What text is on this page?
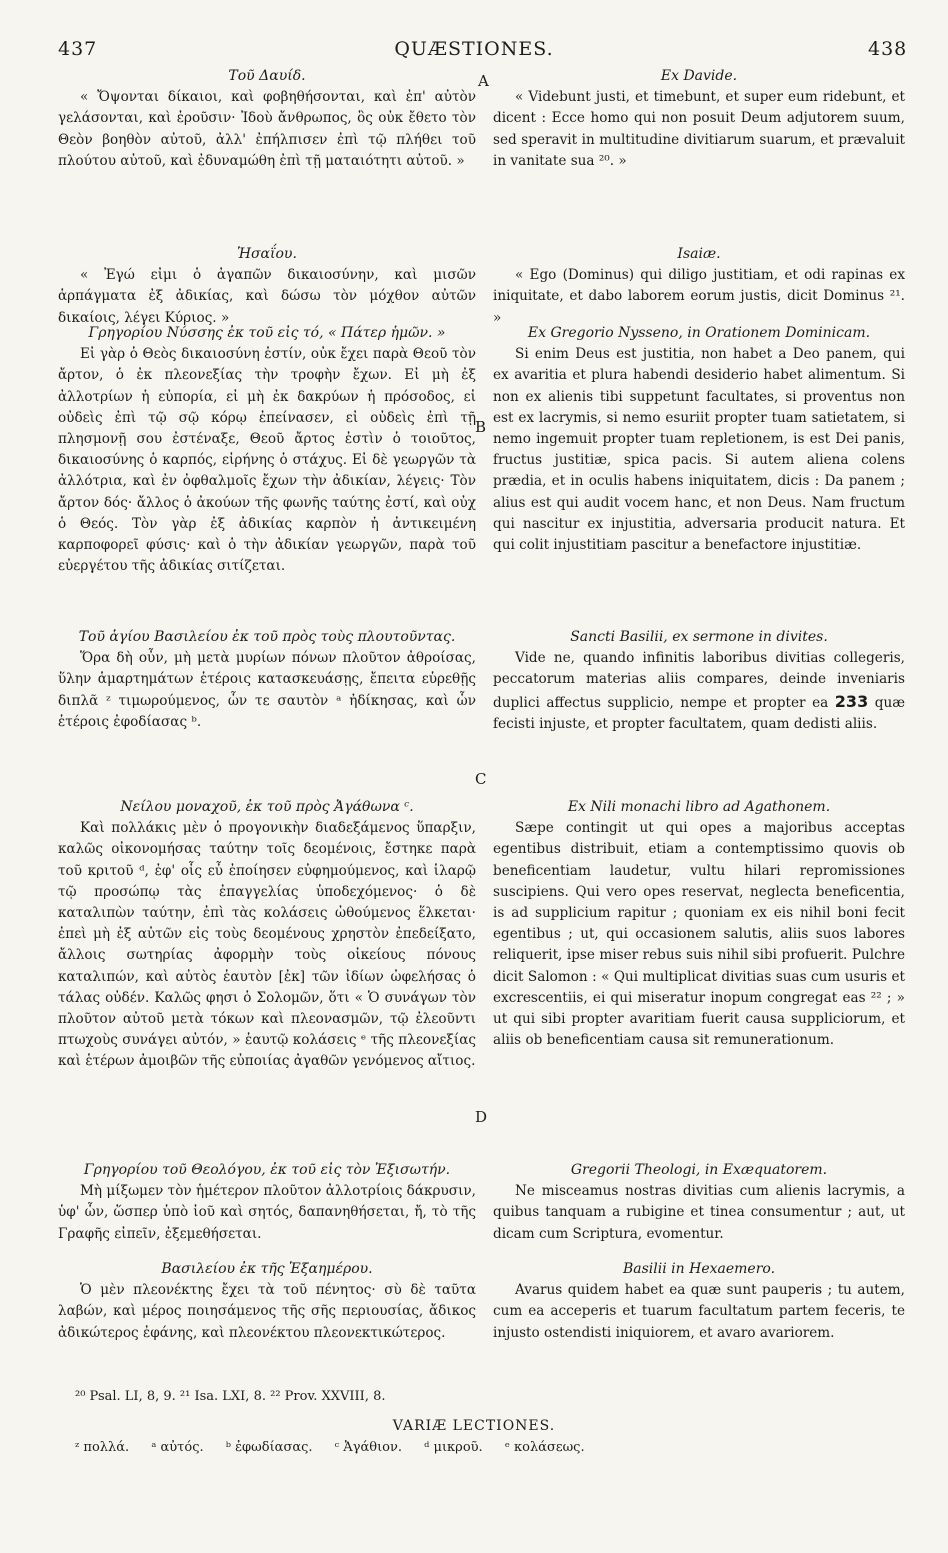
437	QUÆSTIONES.	438
A
B
C
D
Τοῦ Δαυίδ.
« Ὄψονται δίκαιοι, καὶ φοβηθήσονται, καὶ ἐπ' αὐτὸν γελάσονται, καὶ ἐροῦσιν· Ἰδοὺ ἄνθρωπος, ὃς οὐκ ἔθετο τὸν Θεὸν βοηθὸν αὐτοῦ, ἀλλ' ἐπήλπισεν ἐπὶ τῷ πλήθει τοῦ πλούτου αὐτοῦ, καὶ ἐδυναμώθη ἐπὶ τῇ ματαιότητι αὐτοῦ. »
Ἡσαΐου.
« Ἐγώ εἰμι ὁ ἀγαπῶν δικαιοσύνην, καὶ μισῶν ἁρπάγματα ἐξ ἀδικίας, καὶ δώσω τὸν μόχθον αὐτῶν δικαίοις, λέγει Κύριος. »
Γρηγορίου Νύσσης ἐκ τοῦ εἰς τό, « Πάτερ ἡμῶν. »
Εἰ γὰρ ὁ Θεὸς δικαιοσύνη ἐστίν, οὐκ ἔχει παρὰ Θεοῦ τὸν ἄρτον, ὁ ἐκ πλεονεξίας τὴν τροφὴν ἔχων. Εἰ μὴ ἐξ ἀλλοτρίων ἡ εὐπορία, εἰ μὴ ἐκ δακρύων ἡ πρόσοδος, εἰ οὐδεὶς ἐπὶ τῷ σῷ κόρῳ ἐπείνασεν, εἰ οὐδεὶς ἐπὶ τῇ πλησμονῇ σου ἐστέναξε, Θεοῦ ἄρτος ἐστὶν ὁ τοιοῦτος, δικαιοσύνης ὁ καρπός, εἰρήνης ὁ στάχυς. Εἰ δὲ γεωργῶν τὰ ἀλλότρια, καὶ ἐν ὀφθαλμοῖς ἔχων τὴν ἀδικίαν, λέγεις· Τὸν ἄρτον δός· ἄλλος ὁ ἀκούων τῆς φωνῆς ταύτης ἐστί, καὶ οὐχ ὁ Θεός. Τὸν γὰρ ἐξ ἀδικίας καρπὸν ἡ ἀντικειμένη καρποφορεῖ φύσις· καὶ ὁ τὴν ἀδικίαν γεωργῶν, παρὰ τοῦ εὐεργέτου τῆς ἀδικίας σιτίζεται.
Τοῦ ἁγίου Βασιλείου ἐκ τοῦ πρὸς τοὺς πλουτοῦντας.
Ὅρα δὴ οὖν, μὴ μετὰ μυρίων πόνων πλοῦτον ἀθροίσας, ὕλην ἁμαρτημάτων ἑτέροις κατασκευάσῃς, ἔπειτα εὑρεθῇς διπλᾶ ᶻ τιμωρούμενος, ὧν τε σαυτὸν ᵃ ἠδίκησας, καὶ ὧν ἑτέροις ἐφοδίασας ᵇ.
Νείλου μοναχοῦ, ἐκ τοῦ πρὸς Ἀγάθωνα ᶜ.
Καὶ πολλάκις μὲν ὁ προγονικὴν διαδεξάμενος ὕπαρξιν, καλῶς οἰκονομήσας ταύτην τοῖς δεομένοις, ἔστηκε παρὰ τοῦ κριτοῦ ᵈ, ἐφ' οἷς εὖ ἐποίησεν εὐφημούμενος, καὶ ἱλαρῷ τῷ προσώπῳ τὰς ἐπαγγελίας ὑποδεχόμενος· ὁ δὲ καταλιπὼν ταύτην, ἐπὶ τὰς κολάσεις ὠθούμενος ἕλκεται· ἐπεὶ μὴ ἐξ αὐτῶν εἰς τοὺς δεομένους χρηστὸν ἐπεδείξατο, ἄλλοις σωτηρίας ἀφορμὴν τοὺς οἰκείους πόνους καταλιπών, καὶ αὐτὸς ἑαυτὸν [ἐκ] τῶν ἰδίων ὠφελήσας ὁ τάλας οὐδέν. Καλῶς φησι ὁ Σολομῶν, ὅτι « Ὁ συνάγων τὸν πλοῦτον αὐτοῦ μετὰ τόκων καὶ πλεονασμῶν, τῷ ἐλεοῦντι πτωχοὺς συνάγει αὐτόν, » ἑαυτῷ κολάσεις ᵉ τῆς πλεονεξίας καὶ ἑτέρων ἀμοιβῶν τῆς εὐποιίας ἀγαθῶν γενόμενος αἴτιος.
Γρηγορίου τοῦ Θεολόγου, ἐκ τοῦ εἰς τὸν Ἐξισωτήν.
Μὴ μίξωμεν τὸν ἡμέτερον πλοῦτον ἀλλοτρίοις δάκρυσιν, ὑφ' ὧν, ὥσπερ ὑπὸ ἰοῦ καὶ σητός, δαπανηθήσεται, ἤ, τὸ τῆς Γραφῆς εἰπεῖν, ἐξεμεθήσεται.
Βασιλείου ἐκ τῆς Ἑξαημέρου.
Ὁ μὲν πλεονέκτης ἔχει τὰ τοῦ πένητος· σὺ δὲ ταῦτα λαβών, καὶ μέρος ποιησάμενος τῆς σῆς περιουσίας, ἄδικος ἀδικώτερος ἐφάνης, καὶ πλεονέκτου πλεονεκτικώτερος.
Ex Davide.
« Videbunt justi, et timebunt, et super eum ridebunt, et dicent : Ecce homo qui non posuit Deum adjutorem suum, sed speravit in multitudine divitiarum suarum, et prævaluit in vanitate sua ²⁰. »
Isaiæ.
« Ego (Dominus) qui diligo justitiam, et odi rapinas ex iniquitate, et dabo laborem eorum justis, dicit Dominus ²¹. »
Ex Gregorio Nysseno, in Orationem Dominicam.
Si enim Deus est justitia, non habet a Deo panem, qui ex avaritia et plura habendi desiderio habet alimentum. Si non ex alienis tibi suppetunt facultates, si proventus non est ex lacrymis, si nemo esuriit propter tuam satietatem, si nemo ingemuit propter tuam repletionem, is est Dei panis, fructus justitiæ, spica pacis. Si autem aliena colens prædia, et in oculis habens iniquitatem, dicis : Da panem ; alius est qui audit vocem hanc, et non Deus. Nam fructum qui nascitur ex injustitia, adversaria producit natura. Et qui colit injustitiam pascitur a benefactore injustitiæ.
Sancti Basilii, ex sermone in divites.
Vide ne, quando infinitis laboribus divitias collegeris, peccatorum materias aliis compares, deinde inveniaris duplici affectus supplicio, nempe et propter ea 233 quæ fecisti injuste, et propter facultatem, quam dedisti aliis.
Ex Nili monachi libro ad Agathonem.
Sæpe contingit ut qui opes a majoribus acceptas egentibus distribuit, etiam a contemptissimo quovis ob beneficentiam laudetur, vultu hilari repromissiones suscipiens. Qui vero opes reservat, neglecta beneficentia, is ad supplicium rapitur ; quoniam ex eis nihil boni fecit egentibus ; ut, qui occasionem salutis, aliis suos labores reliquerit, ipse miser rebus suis nihil sibi profuerit. Pulchre dicit Salomon : « Qui multiplicat divitias suas cum usuris et excrescentiis, ei qui miseratur inopum congregat eas ²² ; » ut qui sibi propter avaritiam fuerit causa suppliciorum, et aliis ob beneficentiam causa sit remunerationum.
Gregorii Theologi, in Exæquatorem.
Ne misceamus nostras divitias cum alienis lacrymis, a quibus tanquam a rubigine et tinea consumentur ; aut, ut dicam cum Scriptura, evomentur.
Basilii in Hexaemero.
Avarus quidem habet ea quæ sunt pauperis ; tu autem, cum ea acceperis et tuarum facultatum partem feceris, te injusto ostendisti iniquiorem, et avaro avariorem.
²⁰ Psal. LI, 8, 9. ²¹ Isa. LXI, 8. ²² Prov. XXVIII, 8.
VARIÆ LECTIONES.
ᶻ πολλά. ᵃ αὐτός. ᵇ ἐφωδίασας. ᶜ Ἀγάθιον. ᵈ μικροῦ. ᵉ κολάσεως.
